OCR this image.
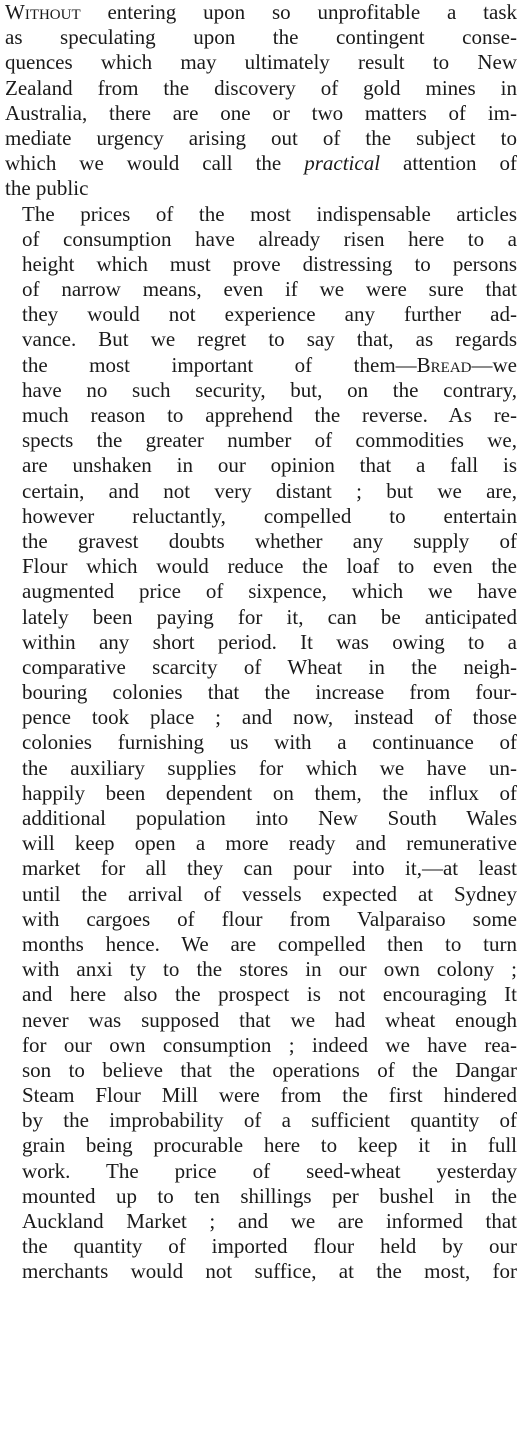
Without entering upon so unprofitable a task
as speculating upon the contingent conse-
quences which may ultimately result to New
Zealand from the discovery of gold mines in
Australia, there are one or two matters of im-
mediate urgency arising out of the subject to
which we would call the practical attention of
the public
The prices of the most indispensable articles
of consumption have already risen here to a
height which must prove distressing to persons
of narrow means, even if we were sure that
they would not experience any further ad-
vance. But we regret to say that, as regards
the most important of them—Bread—we
have no such security, but, on the contrary,
much reason to apprehend the reverse. As re-
spects the greater number of commodities we,
are unshaken in our opinion that a fall is
certain, and not very distant ; but we are,
however reluctantly, compelled to entertain
the gravest doubts whether any supply of
Flour which would reduce the loaf to even the
augmented price of sixpence, which we have
lately been paying for it, can be anticipated
within any short period. It was owing to a
comparative scarcity of Wheat in the neigh-
bouring colonies that the increase from four-
pence took place ; and now, instead of those
colonies furnishing us with a continuance of
the auxiliary supplies for which we have un-
happily been dependent on them, the influx of
additional population into New South Wales
will keep open a more ready and remunerative
market for all they can pour into it,—at least
until the arrival of vessels expected at Sydney
with cargoes of flour from Valparaiso some
months hence. We are compelled then to turn
with anxi ty to the stores in our own colony ;
and here also the prospect is not encouraging It
never was supposed that we had wheat enough
for our own consumption ; indeed we have rea-
son to believe that the operations of the Dangar
Steam Flour Mill were from the first hindered
by the improbability of a sufficient quantity of
grain being procurable here to keep it in full
work. The price of seed-wheat yesterday
mounted up to ten shillings per bushel in the
Auckland Market ; and we are informed that
the quantity of imported flour held by our
merchants would not suffice, at the most, for
